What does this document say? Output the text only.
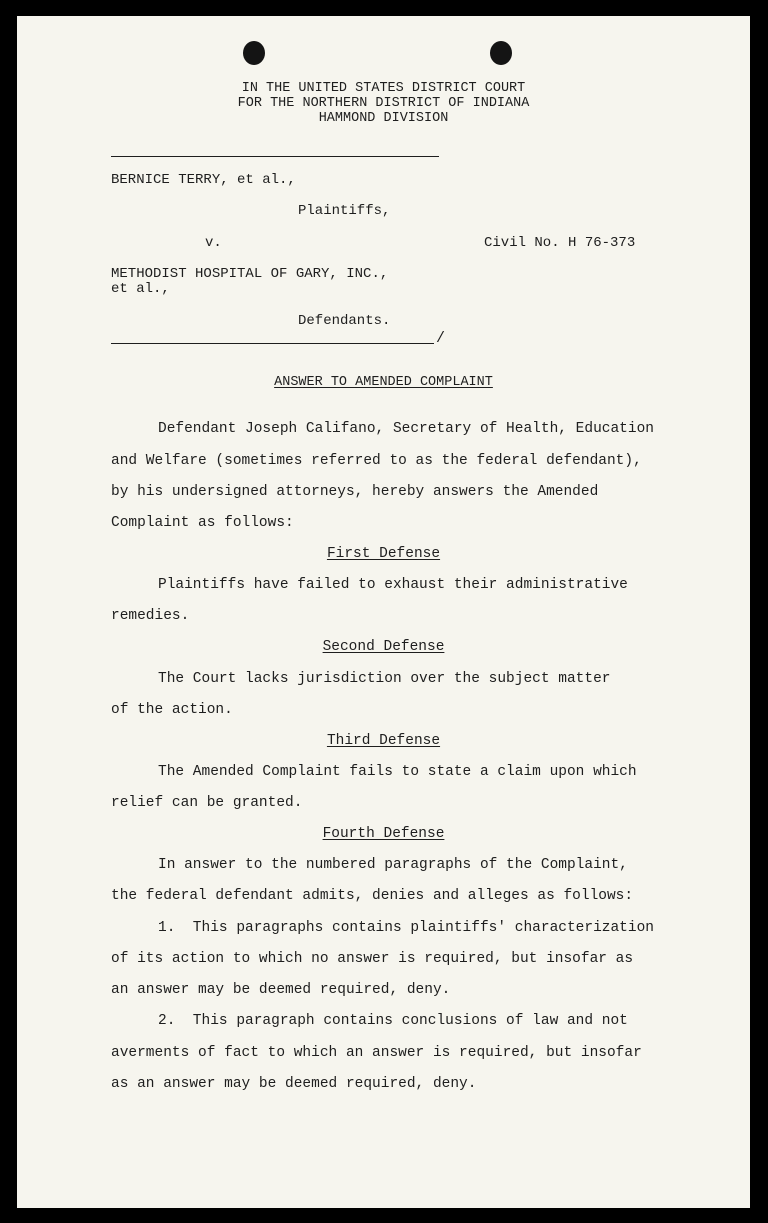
IN THE UNITED STATES DISTRICT COURT
FOR THE NORTHERN DISTRICT OF INDIANA
HAMMOND DIVISION
BERNICE TERRY, et al.,
Plaintiffs,
v.	Civil No. H 76-373
METHODIST HOSPITAL OF GARY, INC.,
et al.,
Defendants.
/
ANSWER TO AMENDED COMPLAINT
Defendant Joseph Califano, Secretary of Health, Education
and Welfare (sometimes referred to as the federal defendant),
by his undersigned attorneys, hereby answers the Amended
Complaint as follows:
First Defense
Plaintiffs have failed to exhaust their administrative
remedies.
Second Defense
The Court lacks jurisdiction over the subject matter
of the action.
Third Defense
The Amended Complaint fails to state a claim upon which
relief can be granted.
Fourth Defense
In answer to the numbered paragraphs of the Complaint,
the federal defendant admits, denies and alleges as follows:
1.  This paragraphs contains plaintiffs' characterization
of its action to which no answer is required, but insofar as
an answer may be deemed required, deny.
2.  This paragraph contains conclusions of law and not
averments of fact to which an answer is required, but insofar
as an answer may be deemed required, deny.
